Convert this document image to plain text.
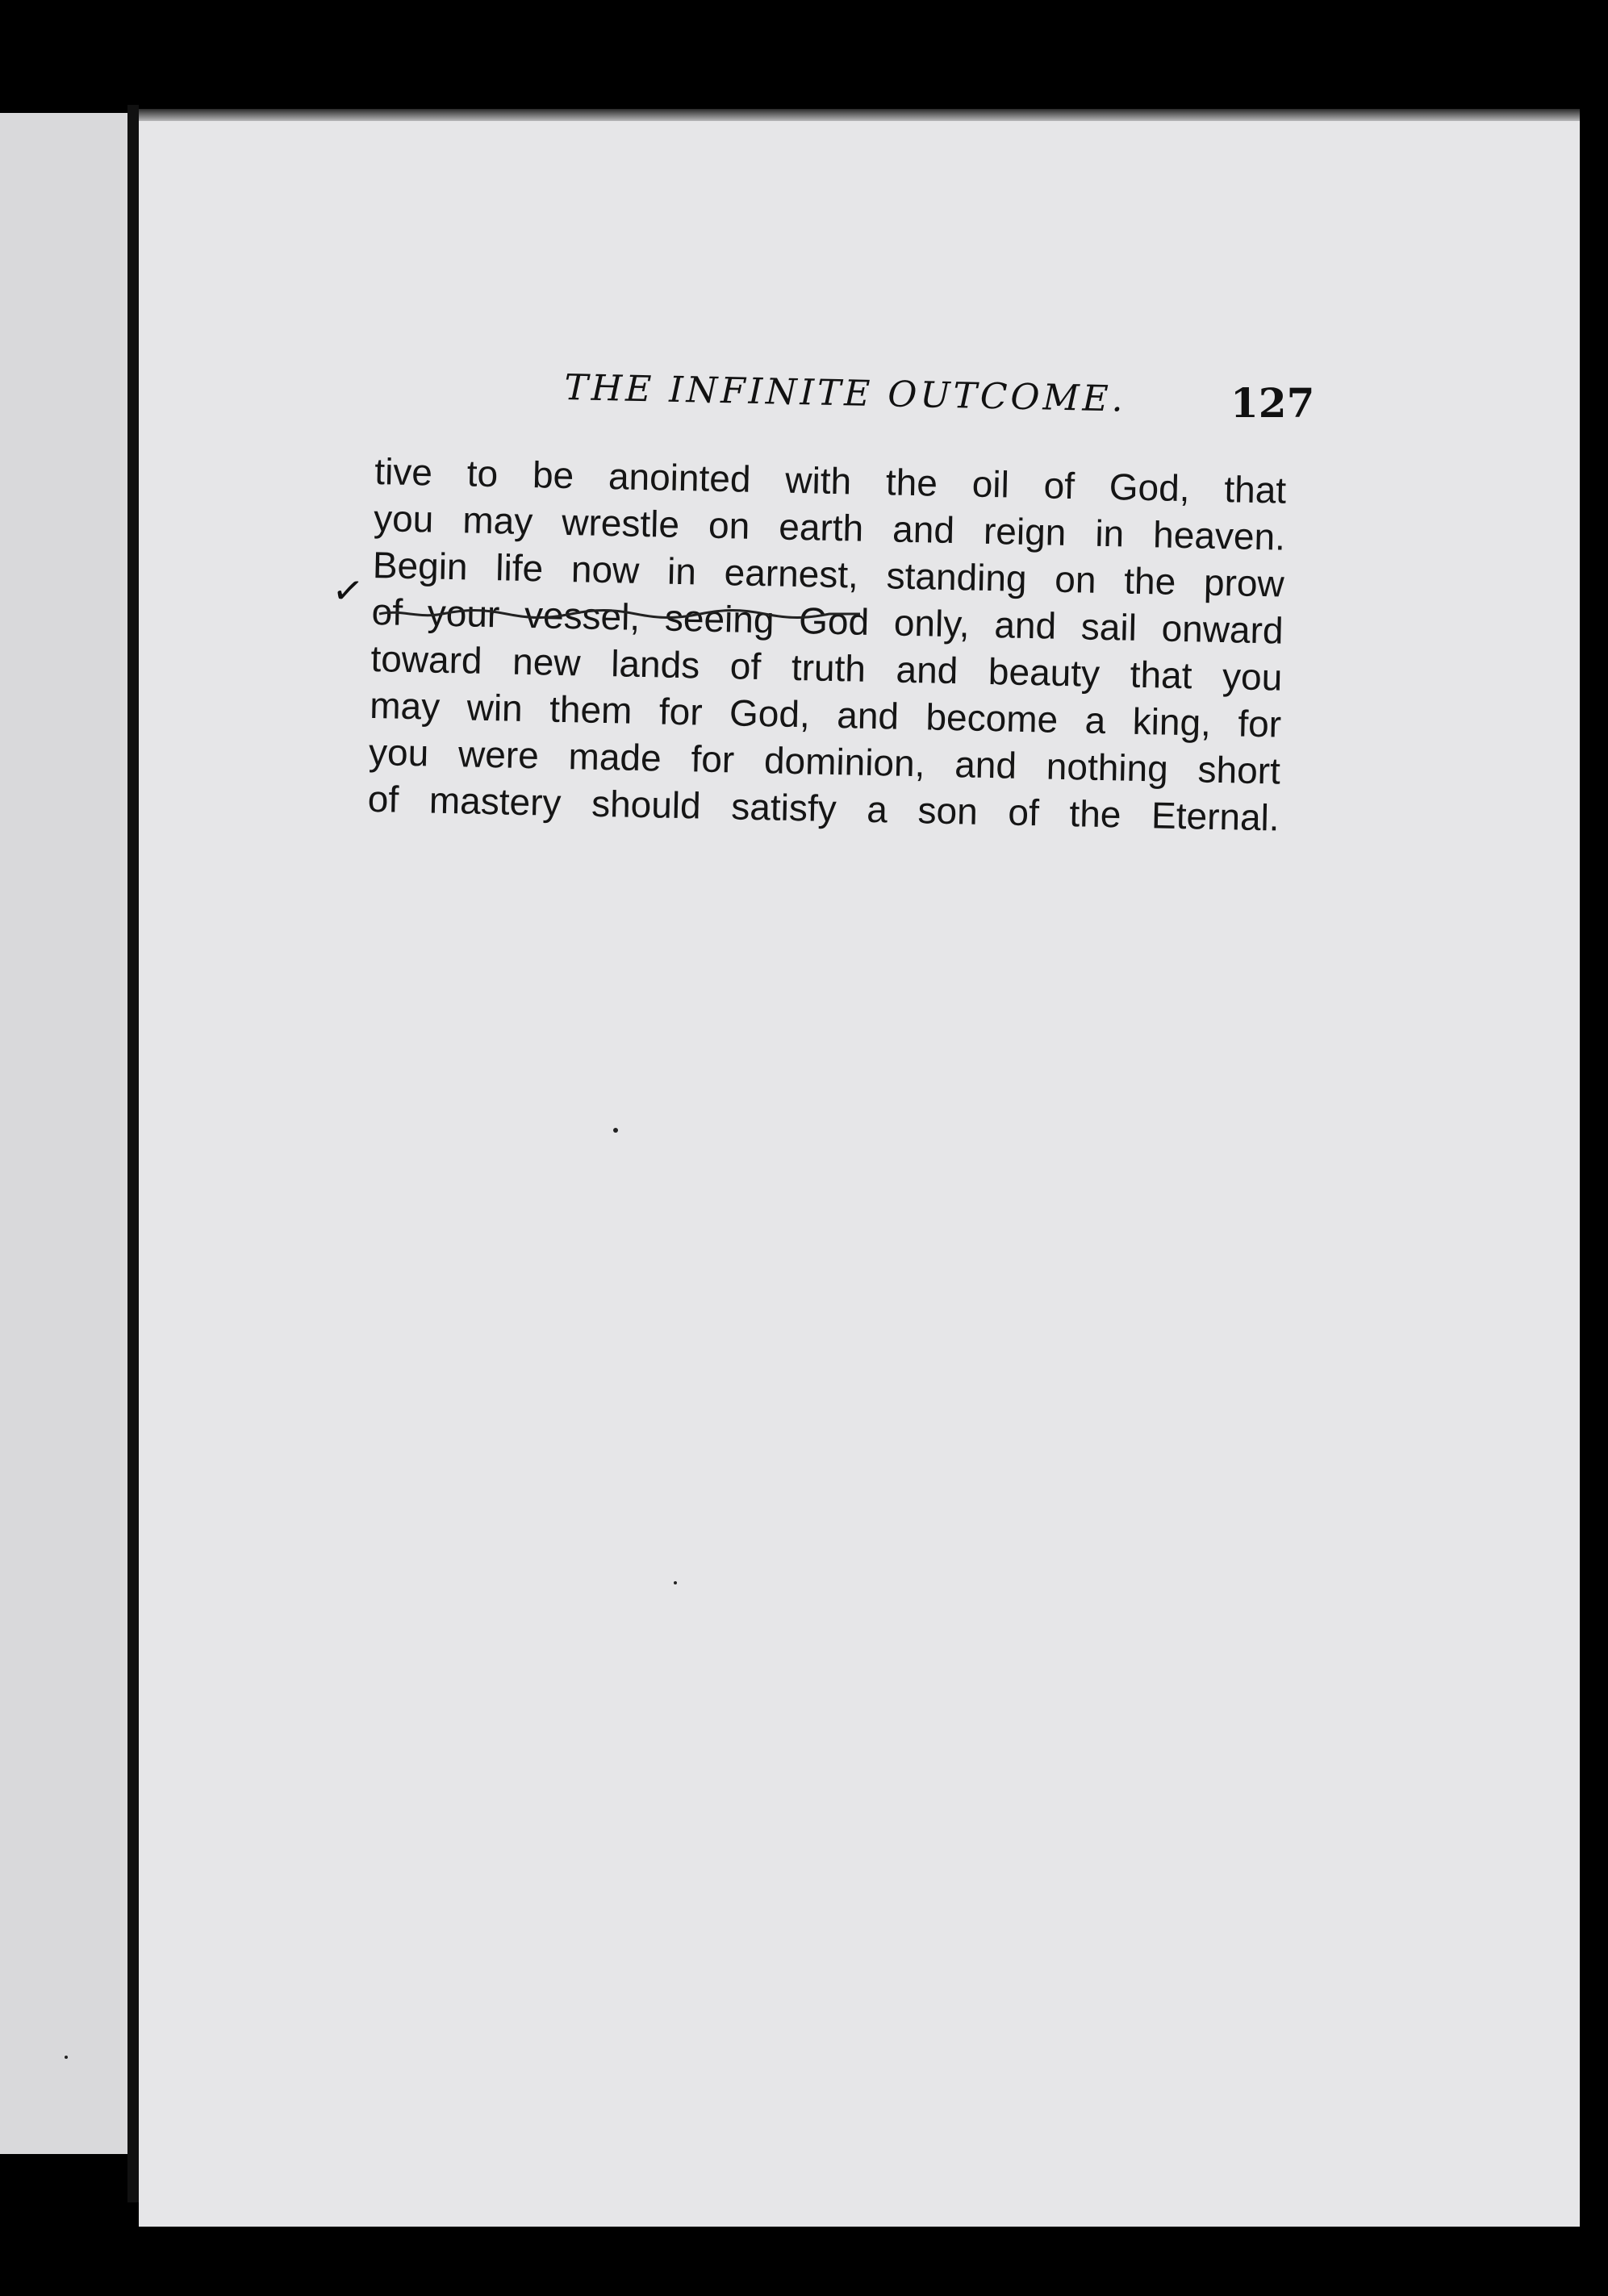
THE INFINITE OUTCOME.	127
tive to be anointed with the oil of God, that
you may wrestle on earth and reign in heaven.
Begin life now in earnest, standing on the prow
of your vessel, seeing God only, and sail onward
toward new lands of truth and beauty that you
may win them for God, and become a king, for
you were made for dominion, and nothing short
of mastery should satisfy a son of the Eternal.
✓
